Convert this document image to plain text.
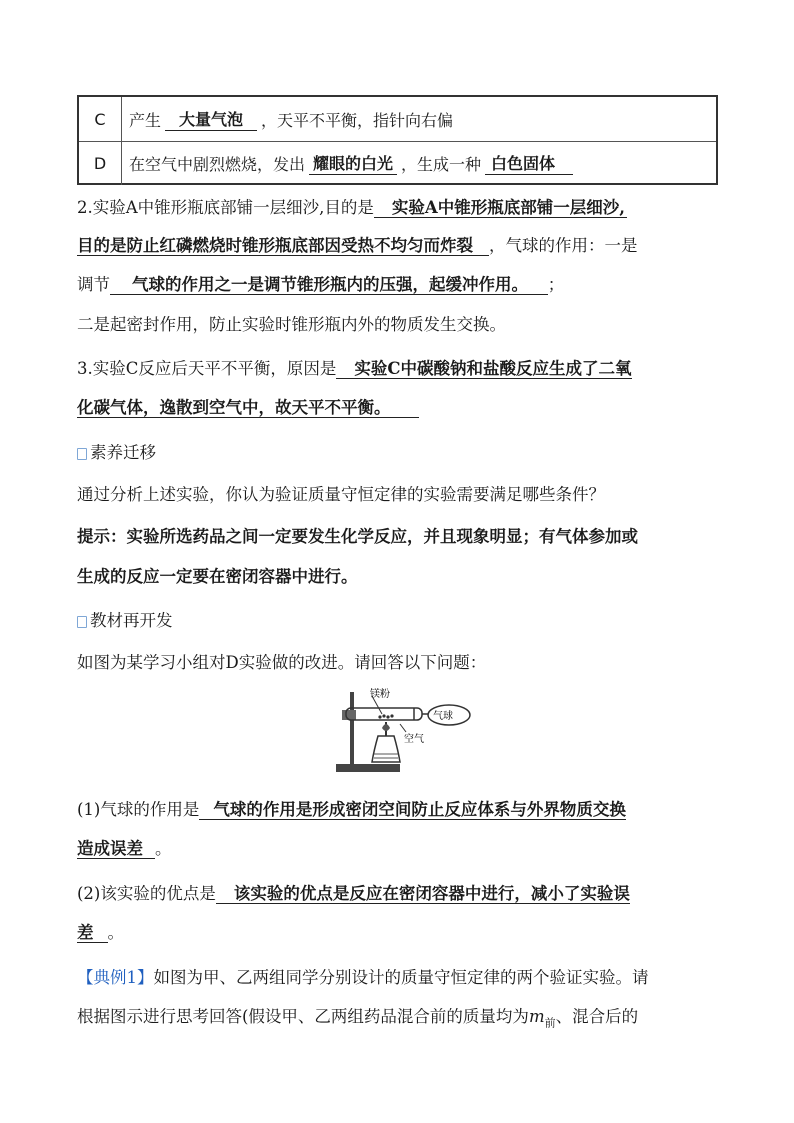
C	产生	大量气泡	，天平不平衡，指针向右偏
D	在空气中剧烈燃烧，发出 耀眼的白光 ，生成一种 白色固体
2.实验A中锥形瓶底部铺一层细沙,目的是 实验A中锥形瓶底部铺一层细沙,
目的是防止红磷燃烧时锥形瓶底部因受热不均匀而炸裂 ，气球的作用：一是
调节 气球的作用之一是调节锥形瓶内的压强，起缓冲作用。 ；
二是起密封作用，防止实验时锥形瓶内外的物质发生交换。
3.实验C反应后天平不平衡，原因是 实验C中碳酸钠和盐酸反应生成了二氧
化碳气体，逸散到空气中，故天平不平衡。
素养迁移
通过分析上述实验，你认为验证质量守恒定律的实验需要满足哪些条件？
提示：实验所选药品之间一定要发生化学反应，并且现象明显；有气体参加或
生成的反应一定要在密闭容器中进行。
教材再开发
如图为某学习小组对D实验做的改进。请回答以下问题：
镁粉
气球
空气
(1)气球的作用是 气球的作用是形成密闭空间防止反应体系与外界物质交换
造成误差 。
(2)该实验的优点是 该实验的优点是反应在密闭容器中进行，减小了实验误
差 。
【典例1】如图为甲、乙两组同学分别设计的质量守恒定律的两个验证实验。请
根据图示进行思考回答(假设甲、乙两组药品混合前的质量均为$m_前$、混合后的
